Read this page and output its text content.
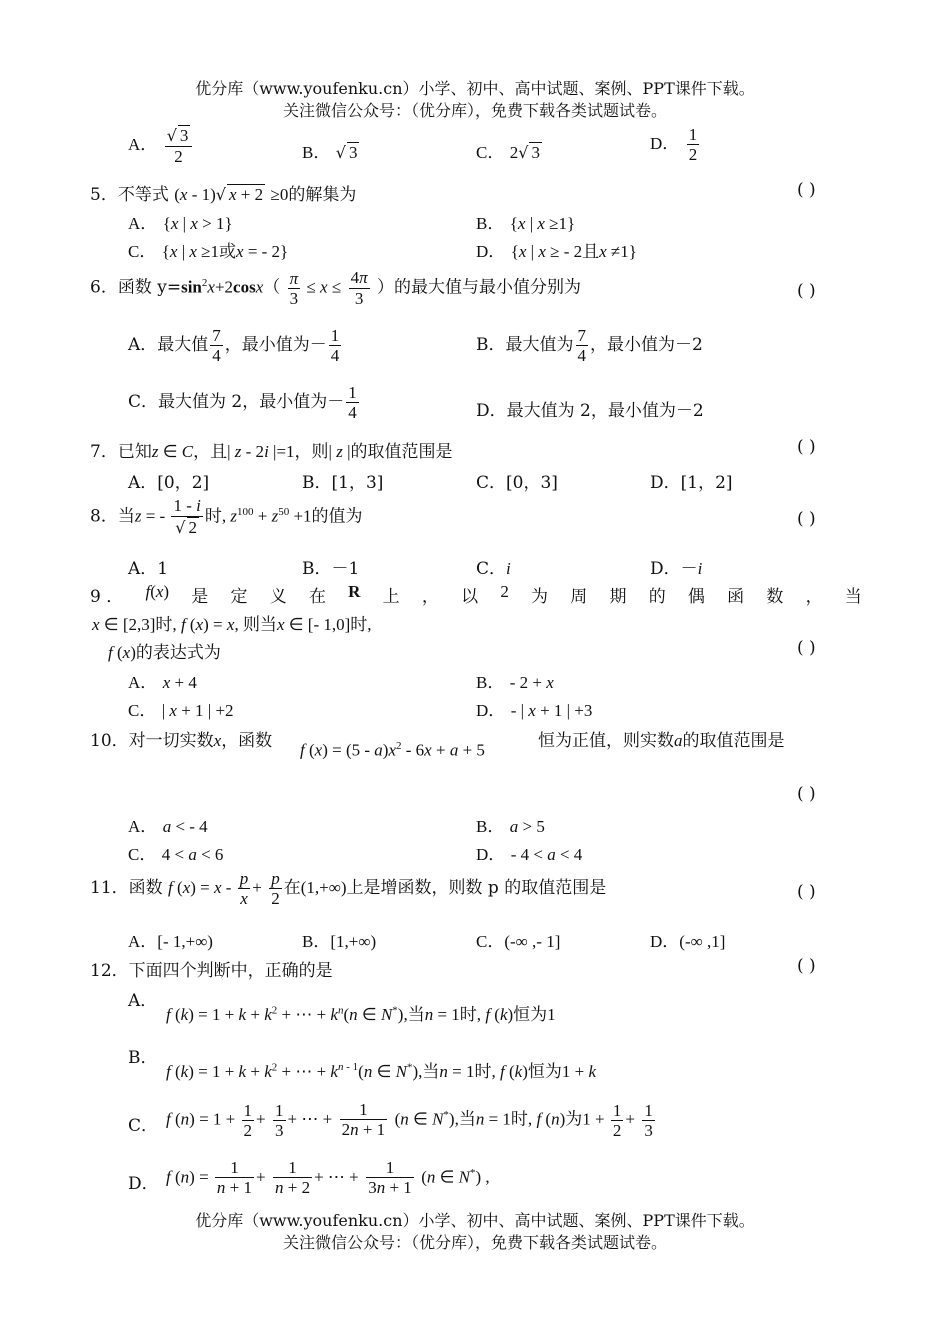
优分库（www.youfenku.cn）小学、初中、高中试题、案例、PPT课件下载。
关注微信公众号：（优分库），免费下载各类试题试卷。
A． $\frac{√ 3}{2}$	B． √ 3	C． 2√ 3	D． $\frac{1}{2}$
5．不等式 (x - 1)√ x + 2 ≥0的解集为	( )
A． {x | x > 1}	B． {x | x ≥1}
C． {x | x ≥1或x = - 2}	D． {x | x ≥ - 2且x ≠1}
6．函数 $y=\sin^2x+2\cos x( \frac{\pi}{3} \le x \le \frac{4\pi}{3}$ ）的最大值与最小值分别为	( )
A．最大值 $\frac{7}{4}$ ，最小值为－ $\frac{1}{4}$	B．最大值为 $\frac{7}{4}$ ，最小值为－2
C．最大值为 2，最小值为－ $\frac{1}{4}$	D．最大值为 2，最小值为－2
7．已知z ∈ C，且| z - 2i |=1，则| z |的取值范围是	( )
A．[0，2]	B．[1，3]	C．[0，3]	D．[1，2]
8．当z = - $\frac{1 - i}{√ 2}$ 时, $z^{100} + z^{50} +1$的值为	( )
A．1	B．－1	C．i	D．－i
9 ． f(x) 是 定 义 在 R 上 ， 以 2 为 周 期 的 偶 函 数 ， 当
x ∈ [2,3]时, f (x) = x, 则当x ∈ [- 1,0]时,
f (x)的表达式为	( )
A． x + 4	B． - 2 + x
C． | x + 1 | +2	D． - | x + 1 | +3
10．对一切实数x，函数 f $(x) = (5 - a)x^2 - 6x + a + 5$	恒为正值，则实数a的取值范围是
( )
A． a < - 4	B． a > 5
C． 4 < a < 6	D． - 4 < a < 4
11．函数 f $(x) = x - \frac{p}{x} + \frac{p}{2}$ 在(1,+∞)上是增函数，则数 p 的取值范围是	( )
A．[- 1,+∞)	B．[1,+∞)	C．(-∞ ,- 1]	D．(-∞ ,1]
12．下面四个判断中，正确的是	( )
A．
f $(k) = 1 + k + k^2$ + ⋯ + $k^n(n$ ∈ N*),当n = 1时, f (k)恒为1
B．
f $(k) = 1 + k + k^2$ + ⋯ + $k^{n - 1}(n$ ∈ N*),当n = 1时, f (k)恒为1 + k
C． f $(n) = 1 + \frac{1}{2} + \frac{1}{3}$ + ⋯ + $\frac{1}{2n + 1} (n$ ∈ N*),当n = 1时, f (n)为$1 + \frac{1}{2} + \frac{1}{3}$
D． f $(n) = \frac{1}{n + 1} + \frac{1}{n + 2}$ + ⋯ + $\frac{1}{3n + 1} (n$ ∈ N*) ,
优分库（www.youfenku.cn）小学、初中、高中试题、案例、PPT课件下载。
关注微信公众号：（优分库），免费下载各类试题试卷。
